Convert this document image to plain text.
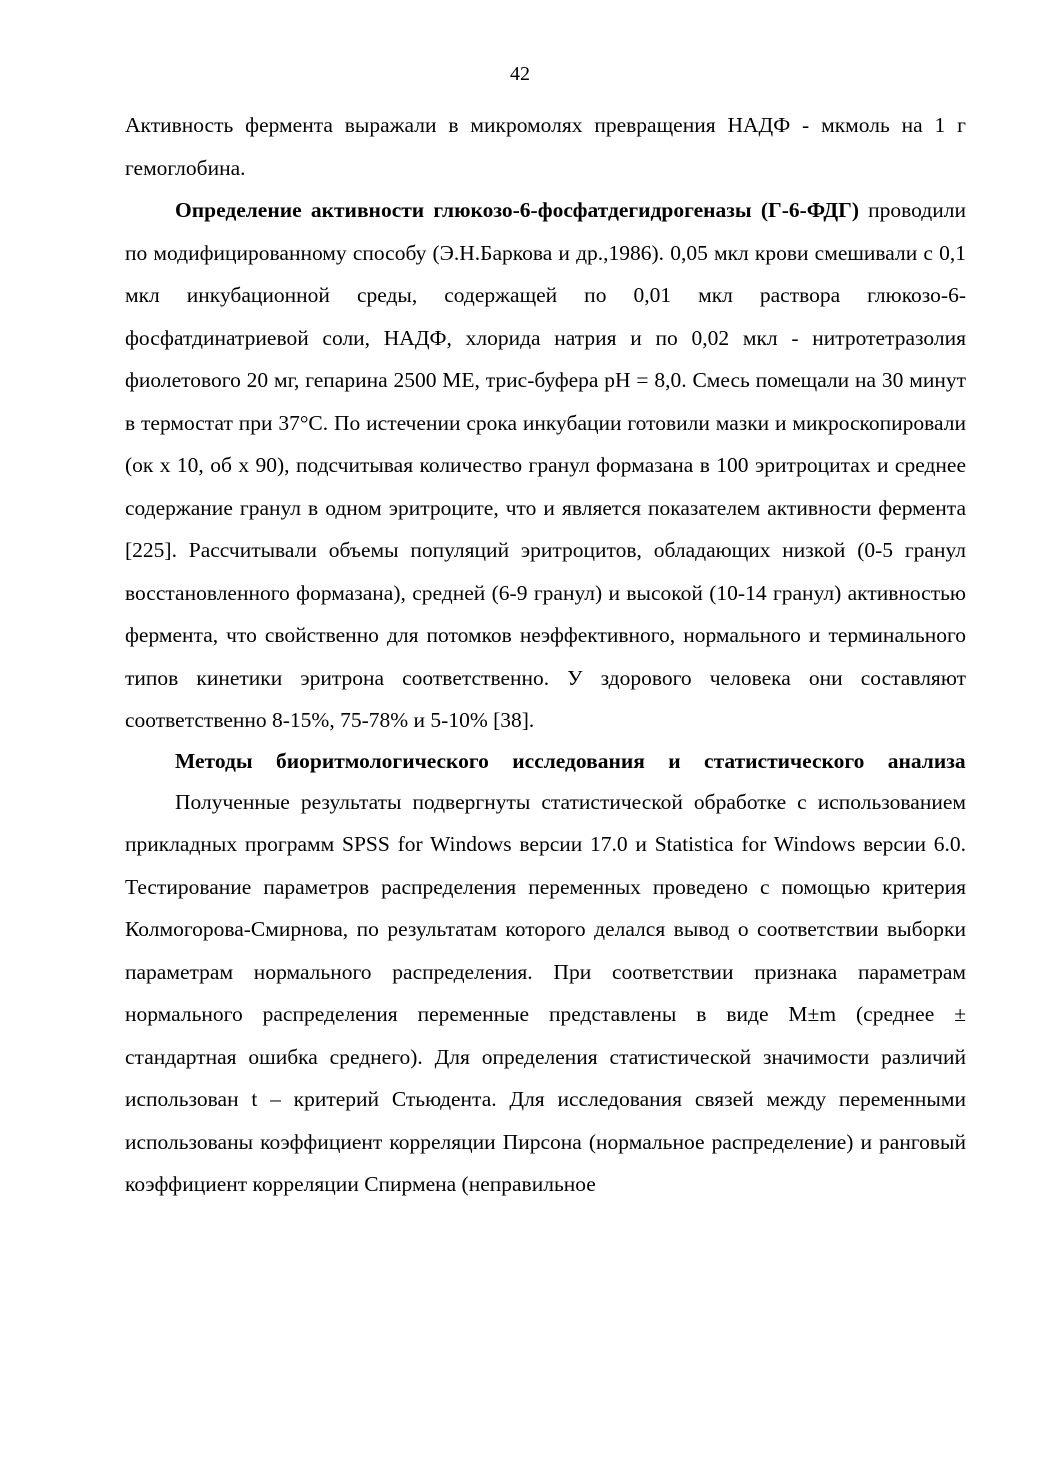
42

Активность фермента выражали в микромолях превращения НАДФ - мкмоль на 1 г гемоглобина.

Определение активности глюкозо-6-фосфатдегидрогеназы (Г-6-ФДГ) проводили по модифицированному способу (Э.Н.Баркова и др.,1986). 0,05 мкл крови смешивали с 0,1 мкл инкубационной среды, содержащей по 0,01 мкл раствора глюкозо-6-фосфатдинатриевой соли, НАДФ, хлорида натрия и по 0,02 мкл - нитротетразолия фиолетового 20 мг, гепарина 2500 МЕ, трис-буфера рН = 8,0. Смесь помещали на 30 минут в термостат при 37°С. По истечении срока инкубации готовили мазки и микроскопировали (ок х 10, об х 90), подсчитывая количество гранул формазана в 100 эритроцитах и среднее содержание гранул в одном эритроците, что и является показателем активности фермента [225]. Рассчитывали объемы популяций эритроцитов, обладающих низкой (0-5 гранул восстановленного формазана), средней (6-9 гранул) и высокой (10-14 гранул) активностью фермента, что свойственно для потомков неэффективного, нормального и терминального типов кинетики эритрона соответственно. У здорового человека они составляют соответственно 8-15%, 75-78% и 5-10% [38].

Методы биоритмологического исследования и статистического анализа

Полученные результаты подвергнуты статистической обработке с использованием прикладных программ SPSS for Windows версии 17.0 и Statistica for Windows версии 6.0. Тестирование параметров распределения переменных проведено с помощью критерия Колмогорова-Смирнова, по результатам которого делался вывод о соответствии выборки параметрам нормального распределения. При соответствии признака параметрам нормального распределения переменные представлены в виде M±m (среднее ± стандартная ошибка среднего). Для определения статистической значимости различий использован t – критерий Стьюдента. Для исследования связей между переменными использованы коэффициент корреляции Пирсона (нормальное распределение) и ранговый коэффициент корреляции Спирмена (неправильное
